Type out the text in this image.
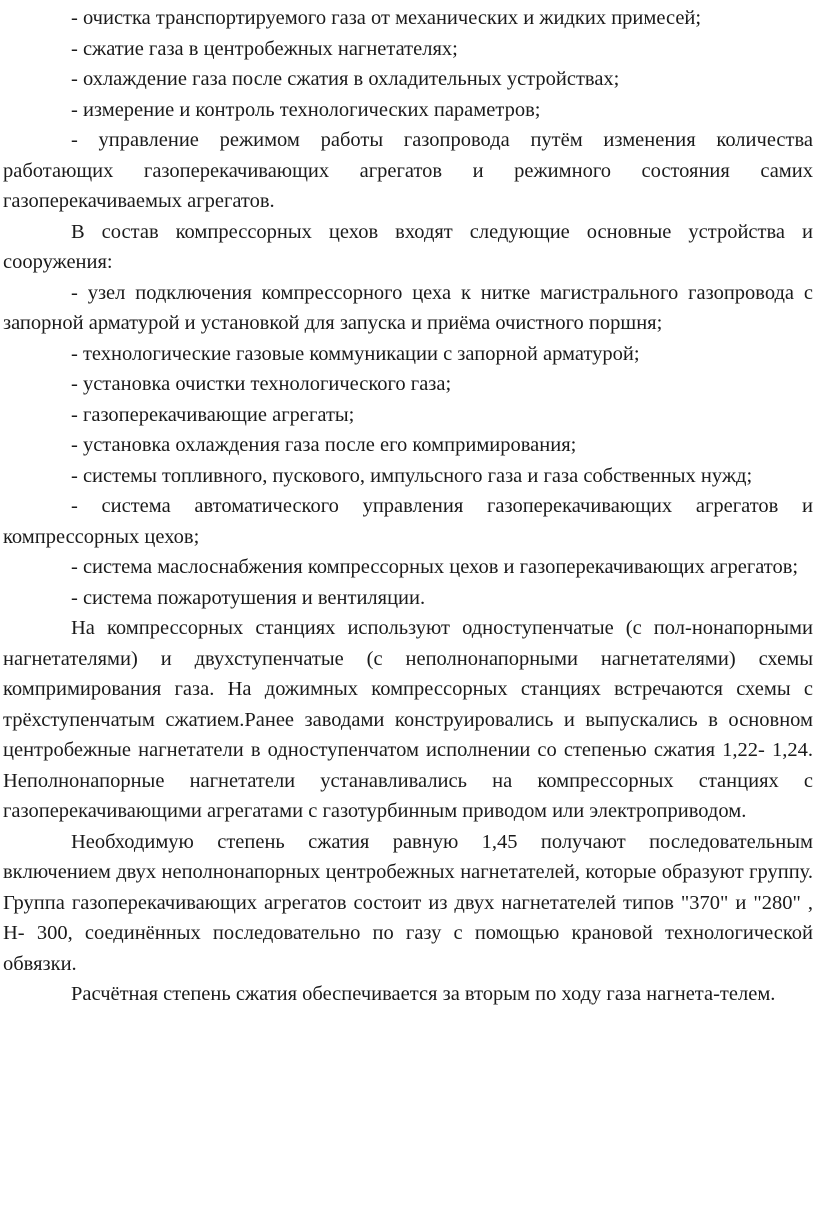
- очистка транспортируемого газа от механических и жидких примесей;

- сжатие газа в центробежных нагнетателях;

- охлаждение газа после сжатия в охладительных устройствах;

- измерение и контроль технологических параметров;

- управление режимом работы газопровода путём изменения количества работающих газоперекачивающих агрегатов и режимного состояния самих газоперекачиваемых агрегатов.

В состав компрессорных цехов входят следующие основные устройства и сооружения:

- узел подключения компрессорного цеха к нитке магистрального газопровода с запорной арматурой и установкой для запуска и приёма очистного поршня;

- технологические газовые коммуникации с запорной арматурой;

- установка очистки технологического газа;

- газоперекачивающие агрегаты;

- установка охлаждения газа после его компримирования;

- системы топливного, пускового, импульсного газа и газа собственных нужд;

- система автоматического управления газоперекачивающих агрегатов и компрессорных цехов;

- система маслоснабжения компрессорных цехов и газоперекачивающих агрегатов;

- система пожаротушения и вентиляции.

На компрессорных станциях используют одноступенчатые (с пол-нонапорными нагнетателями) и двухступенчатые (с неполнонапорными нагнетателями) схемы компримирования газа. На дожимных компрессорных станциях встречаются схемы с трёхступенчатым сжатием.Ранее заводами конструировались и выпускались в основном центробежные нагнетатели в одноступенчатом исполнении со степенью сжатия 1,22- 1,24. Неполнонапорные нагнетатели устанавливались на компрессорных станциях с газоперекачивающими агрегатами с газотурбинным приводом или электроприводом.

Необходимую степень сжатия равную 1,45 получают последовательным включением двух неполнонапорных центробежных нагнетателей, которые образуют группу. Группа газоперекачивающих агрегатов состоит из двух нагнетателей типов "370" и "280" , Н- 300, соединённых последовательно по газу с помощью крановой технологической обвязки.

Расчётная степень сжатия обеспечивается за вторым по ходу газа нагнета-телем.
